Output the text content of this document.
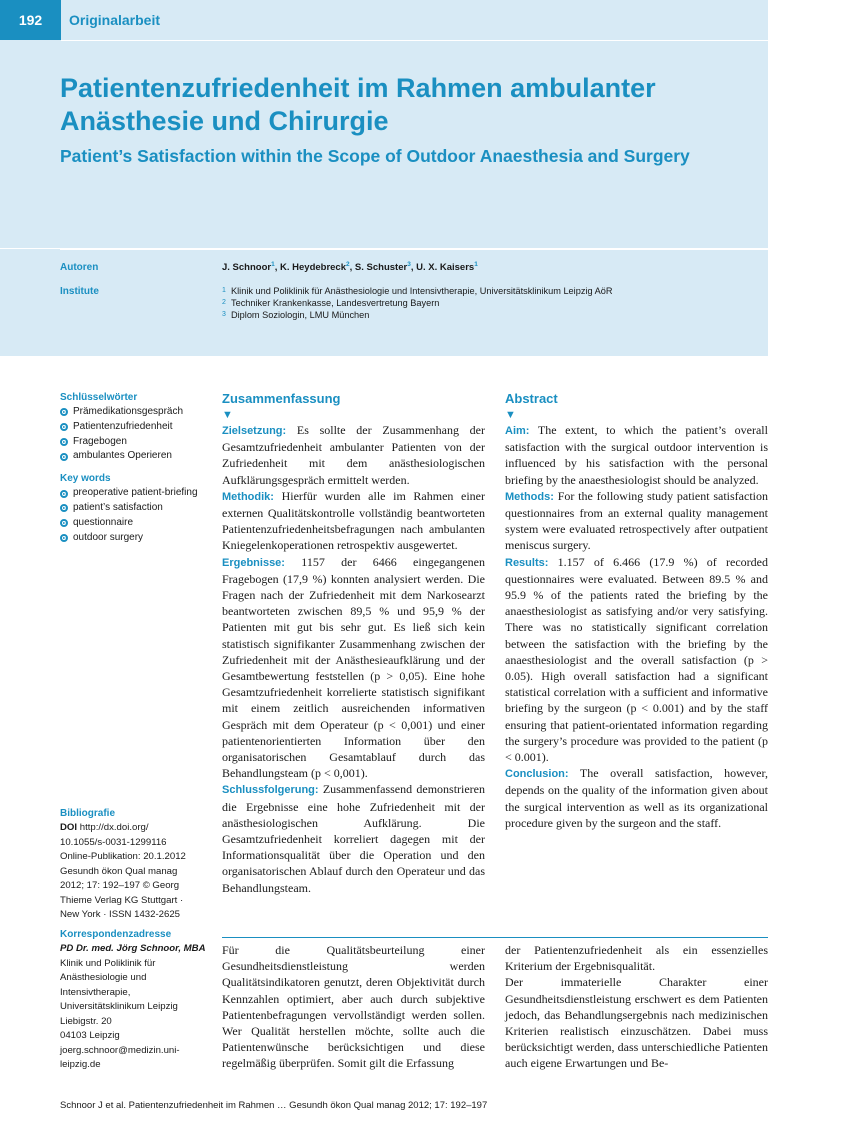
192	Originalarbeit
Patientenzufriedenheit im Rahmen ambulanter Anästhesie und Chirurgie
Patient’s Satisfaction within the Scope of Outdoor Anaesthesia and Surgery
Autoren	J. Schnoor$^1$, K. Heydebreck$^2$, S. Schuster$^3$, U. X. Kaisers$^1$
Institute	1 Klinik und Poliklinik für Anästhesiologie und Intensivtherapie, Universitätsklinikum Leipzig AöR
2 Techniker Krankenkasse, Landesvertretung Bayern
3 Diplom Soziologin, LMU München
Schlüsselwörter
Prämedikationsgespräch
Patientenzufriedenheit
Fragebogen
ambulantes Operieren
Key words
preoperative patient-briefing
patient’s satisfaction
questionnaire
outdoor surgery
Bibliografie
DOI http://dx.doi.org/
10.1055/s-0031-1299116
Online-Publikation: 20.1.2012
Gesundh ökon Qual manag
2012; 17: 192–197 © Georg
Thieme Verlag KG Stuttgart ·
New York · ISSN 1432-2625
Korrespondenzadresse
PD Dr. med. Jörg Schnoor, MBA
Klinik und Poliklinik für
Anästhesiologie und
Intensivtherapie,
Universitätsklinikum Leipzig
Liebigstr. 20
04103 Leipzig
joerg.schnoor@medizin.uni-
leipzig.de
Zusammenfassung
▼
Zielsetzung: Es sollte der Zusammenhang der Gesamtzufriedenheit ambulanter Patienten von der Zufriedenheit mit dem anästhesiologischen Aufklärungsgespräch ermittelt werden.
Methodik: Hierfür wurden alle im Rahmen einer externen Qualitätskontrolle vollständig beantworteten Patientenzufriedenheitsbefragungen nach ambulanten Kniegelenkoperationen retrospektiv ausgewertet.
Ergebnisse: 1157 der 6466 eingegangenen Fragebogen (17,9 %) konnten analysiert werden. Die Fragen nach der Zufriedenheit mit dem Narkosearzt beantworteten zwischen 89,5 % und 95,9 % der Patienten mit gut bis sehr gut. Es ließ sich kein statistisch signifikanter Zusammenhang zwischen der Zufriedenheit mit der Anästhesieaufklärung und der Gesamtbewertung feststellen (p > 0,05). Eine hohe Gesamtzufriedenheit korrelierte statistisch signifikant mit einem zeitlich ausreichenden informativen Gespräch mit dem Operateur (p < 0,001) und einer patientenorientierten Information über den organisatorischen Gesamtablauf durch das Behandlungsteam (p < 0,001).
Schlussfolgerung: Zusammenfassend demonstrieren die Ergebnisse eine hohe Zufriedenheit mit der anästhesiologischen Aufklärung. Die Gesamtzufriedenheit korreliert dagegen mit der Informationsqualität über die Operation und den organisatorischen Ablauf durch den Operateur und das Behandlungsteam.
Abstract
▼
Aim: The extent, to which the patient’s overall satisfaction with the surgical outdoor intervention is influenced by his satisfaction with the personal briefing by the anaesthesiologist should be analyzed.
Methods: For the following study patient satisfaction questionnaires from an external quality management system were evaluated retrospectively after outpatient meniscus surgery.
Results: 1.157 of 6.466 (17.9 %) of recorded questionnaires were evaluated. Between 89.5 % and 95.9 % of the patients rated the briefing by the anaesthesiologist as satisfying and/or very satisfying. There was no statistically significant correlation between the satisfaction with the briefing by the anaesthesiologist and the overall satisfaction (p > 0.05). High overall satisfaction had a significant statistical correlation with a sufficient and informative briefing by the surgeon (p < 0.001) and by the staff ensuring that patient-orientated information regarding the surgery’s procedure was provided to the patient (p < 0.001).
Conclusion: The overall satisfaction, however, depends on the quality of the information given about the surgical intervention as well as its organizational procedure given by the surgeon and the staff.
Für die Qualitätsbeurteilung einer Gesundheitsdienstleistung werden Qualitätsindikatoren genutzt, deren Objektivität durch Kennzahlen optimiert, aber auch durch subjektive Patientenbefragungen vervollständigt werden sollen. Wer Qualität herstellen möchte, sollte auch die Patientenwünsche berücksichtigen und diese regelmäßig überprüfen. Somit gilt die Erfassung
der Patientenzufriedenheit als ein essenzielles Kriterium der Ergebnisqualität.
Der immaterielle Charakter einer Gesundheitsdienstleistung erschwert es dem Patienten jedoch, das Behandlungsergebnis nach medizinischen Kriterien realistisch einzuschätzen. Dabei muss berücksichtigt werden, dass unterschiedliche Patienten auch eigene Erwartungen und Be-
Schnoor J et al. Patientenzufriedenheit im Rahmen … Gesundh ökon Qual manag 2012; 17: 192–197
